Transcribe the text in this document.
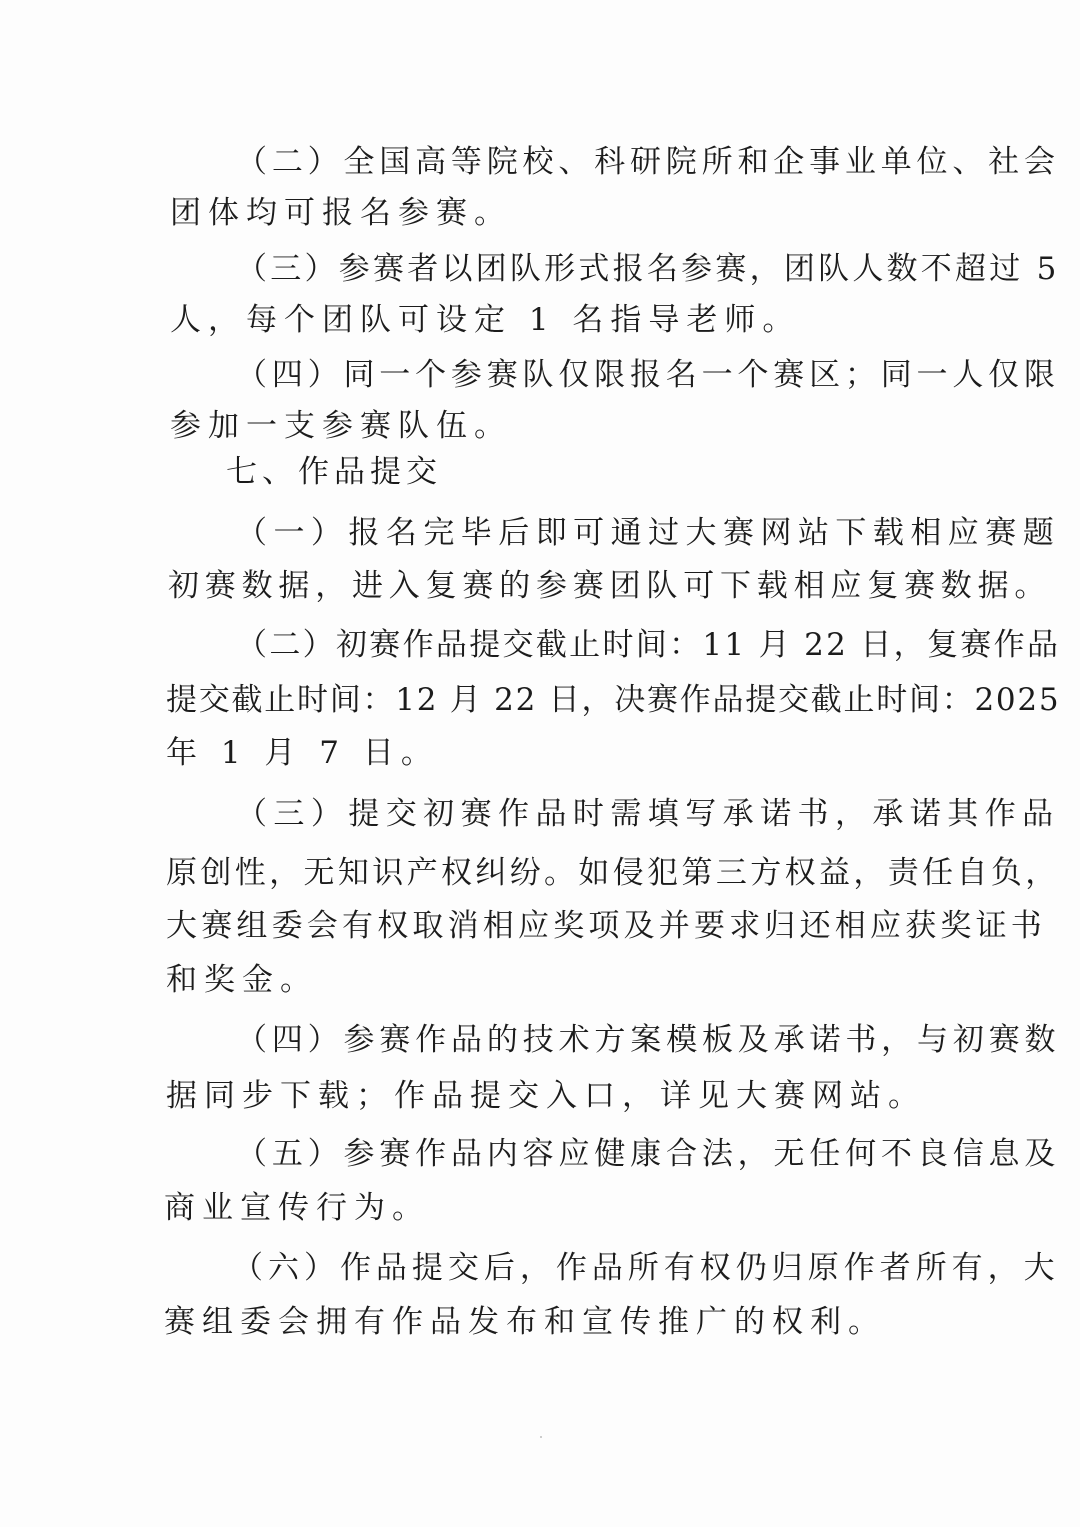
（二）全国高等院校、科研院所和企事业单位、社会
团体均可报名参赛。
（三）参赛者以团队形式报名参赛，团队人数不超过 5
人，每个团队可设定 1 名指导老师。
（四）同一个参赛队仅限报名一个赛区；同一人仅限
参加一支参赛队伍。
七、作品提交
（一）报名完毕后即可通过大赛网站下载相应赛题
初赛数据，进入复赛的参赛团队可下载相应复赛数据。
（二）初赛作品提交截止时间：11 月 22 日，复赛作品
提交截止时间：12 月 22 日，决赛作品提交截止时间：2025
年 1 月 7 日。
（三）提交初赛作品时需填写承诺书，承诺其作品
原创性，无知识产权纠纷。如侵犯第三方权益，责任自负，
大赛组委会有权取消相应奖项及并要求归还相应获奖证书
和奖金。
（四）参赛作品的技术方案模板及承诺书，与初赛数
据同步下载；作品提交入口，详见大赛网站。
（五）参赛作品内容应健康合法，无任何不良信息及
商业宣传行为。
（六）作品提交后，作品所有权仍归原作者所有，大
赛组委会拥有作品发布和宣传推广的权利。
